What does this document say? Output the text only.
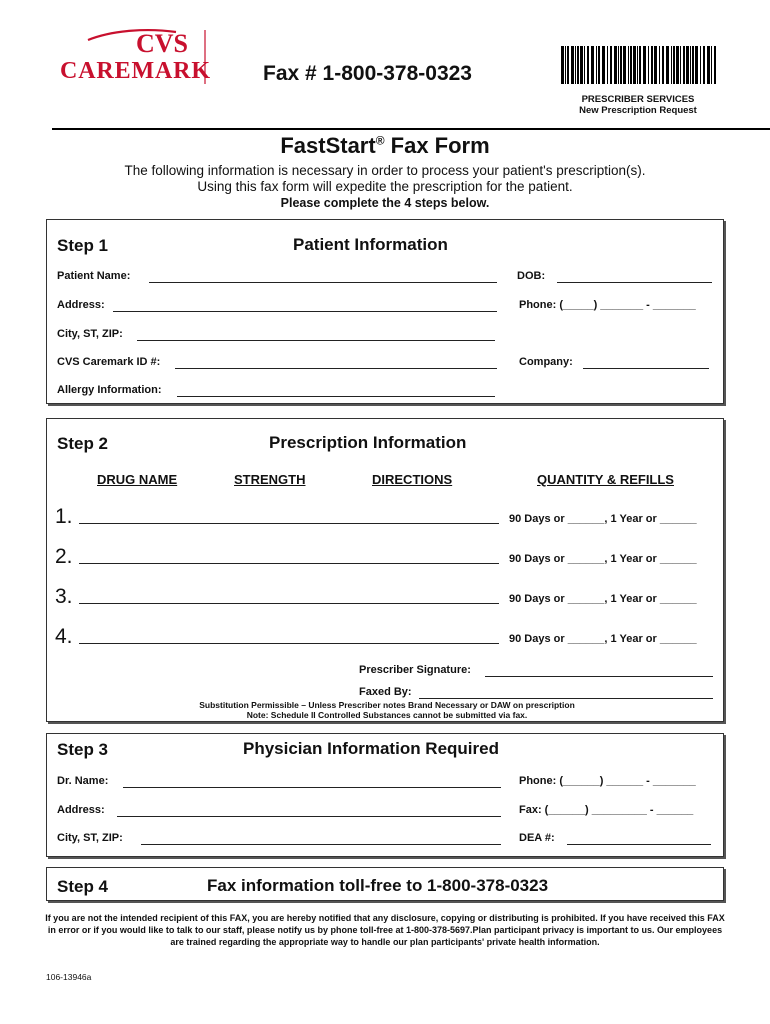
CVS
CAREMARK	Fax # 1-800-378-0323
PRESCRIBER SERVICES
New Prescription Request
FastStart® Fax Form
The following information is necessary in order to process your patient's prescription(s).
Using this fax form will expedite the prescription for the patient.
Please complete the 4 steps below.
Step 1	Patient Information
Patient Name:	DOB:
Address:	Phone: (_____) _______ - _______
City, ST, ZIP:
CVS Caremark ID #:	Company:
Allergy Information:
Step 2	Prescription Information
DRUG NAME	STRENGTH	DIRECTIONS	QUANTITY & REFILLS
1.	90 Days or ______, 1 Year or ______
2.	90 Days or ______, 1 Year or ______
3.	90 Days or ______, 1 Year or ______
4.	90 Days or ______, 1 Year or ______
Prescriber Signature:
Faxed By:
Substitution Permissible – Unless Prescriber notes Brand Necessary or DAW on prescription
Note: Schedule II Controlled Substances cannot be submitted via fax.
Step 3	Physician Information Required
Dr. Name:	Phone: (______) ______ - _______
Address:	Fax: (______) _________ - ______
City, ST, ZIP:	DEA #:
Step 4	Fax information toll-free to 1-800-378-0323
If you are not the intended recipient of this FAX, you are hereby notified that any disclosure, copying or distributing is prohibited. If you have received this FAX in error or if you would like to talk to our staff, please notify us by phone toll-free at 1-800-378-5697.Plan participant privacy is important to us. Our employees are trained regarding the appropriate way to handle our plan participants' private health information.
106-13946a
